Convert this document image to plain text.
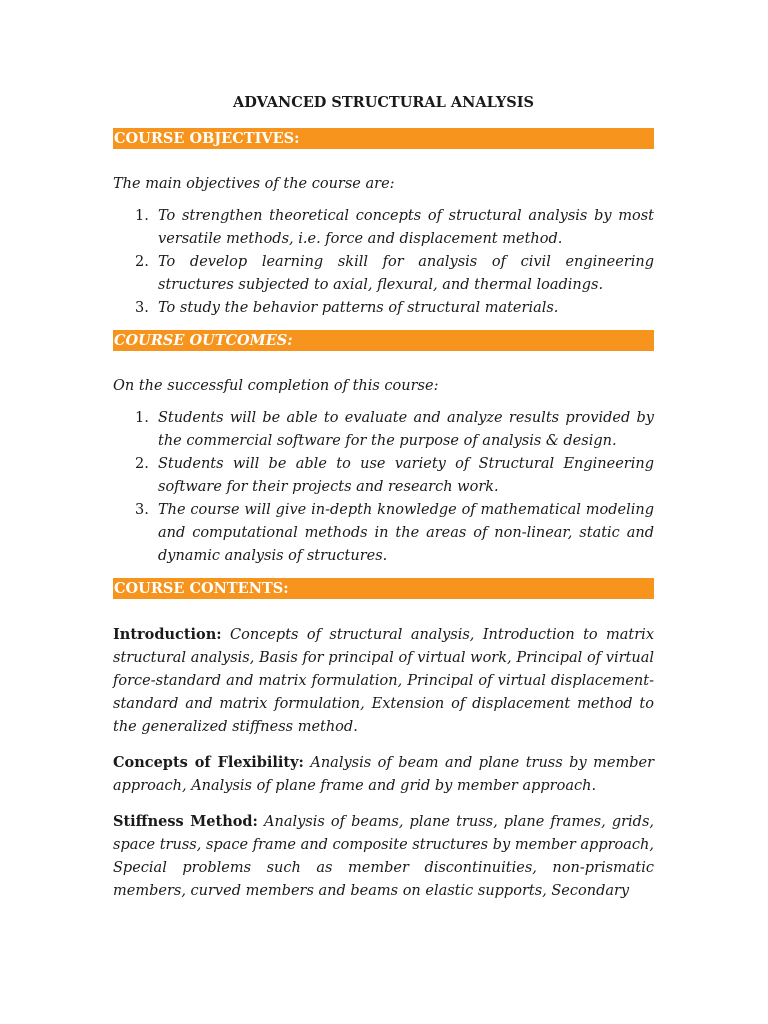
ADVANCED STRUCTURAL ANALYSIS
COURSE OBJECTIVES:
The main objectives of the course are:
1. To strengthen theoretical concepts of structural analysis by most versatile methods, i.e. force and displacement method.
2. To develop learning skill for analysis of civil engineering structures subjected to axial, flexural, and thermal loadings.
3. To study the behavior patterns of structural materials.
COURSE OUTCOMES:
On the successful completion of this course:
1. Students will be able to evaluate and analyze results provided by the commercial software for the purpose of analysis & design.
2. Students will be able to use variety of Structural Engineering software for their projects and research work.
3. The course will give in-depth knowledge of mathematical modeling and computational methods in the areas of non-linear, static and dynamic analysis of structures.
COURSE CONTENTS:

Introduction: Concepts of structural analysis, Introduction to matrix structural analysis, Basis for principal of virtual work, Principal of virtual force-standard and matrix formulation, Principal of virtual displacement-standard and matrix formulation, Extension of displacement method to the generalized stiffness method.

Concepts of Flexibility: Analysis of beam and plane truss by member approach, Analysis of plane frame and grid by member approach.

Stiffness Method: Analysis of beams, plane truss, plane frames, grids, space truss, space frame and composite structures by member approach, Special problems such as member discontinuities, non-prismatic members, curved members and beams on elastic supports, Secondary
